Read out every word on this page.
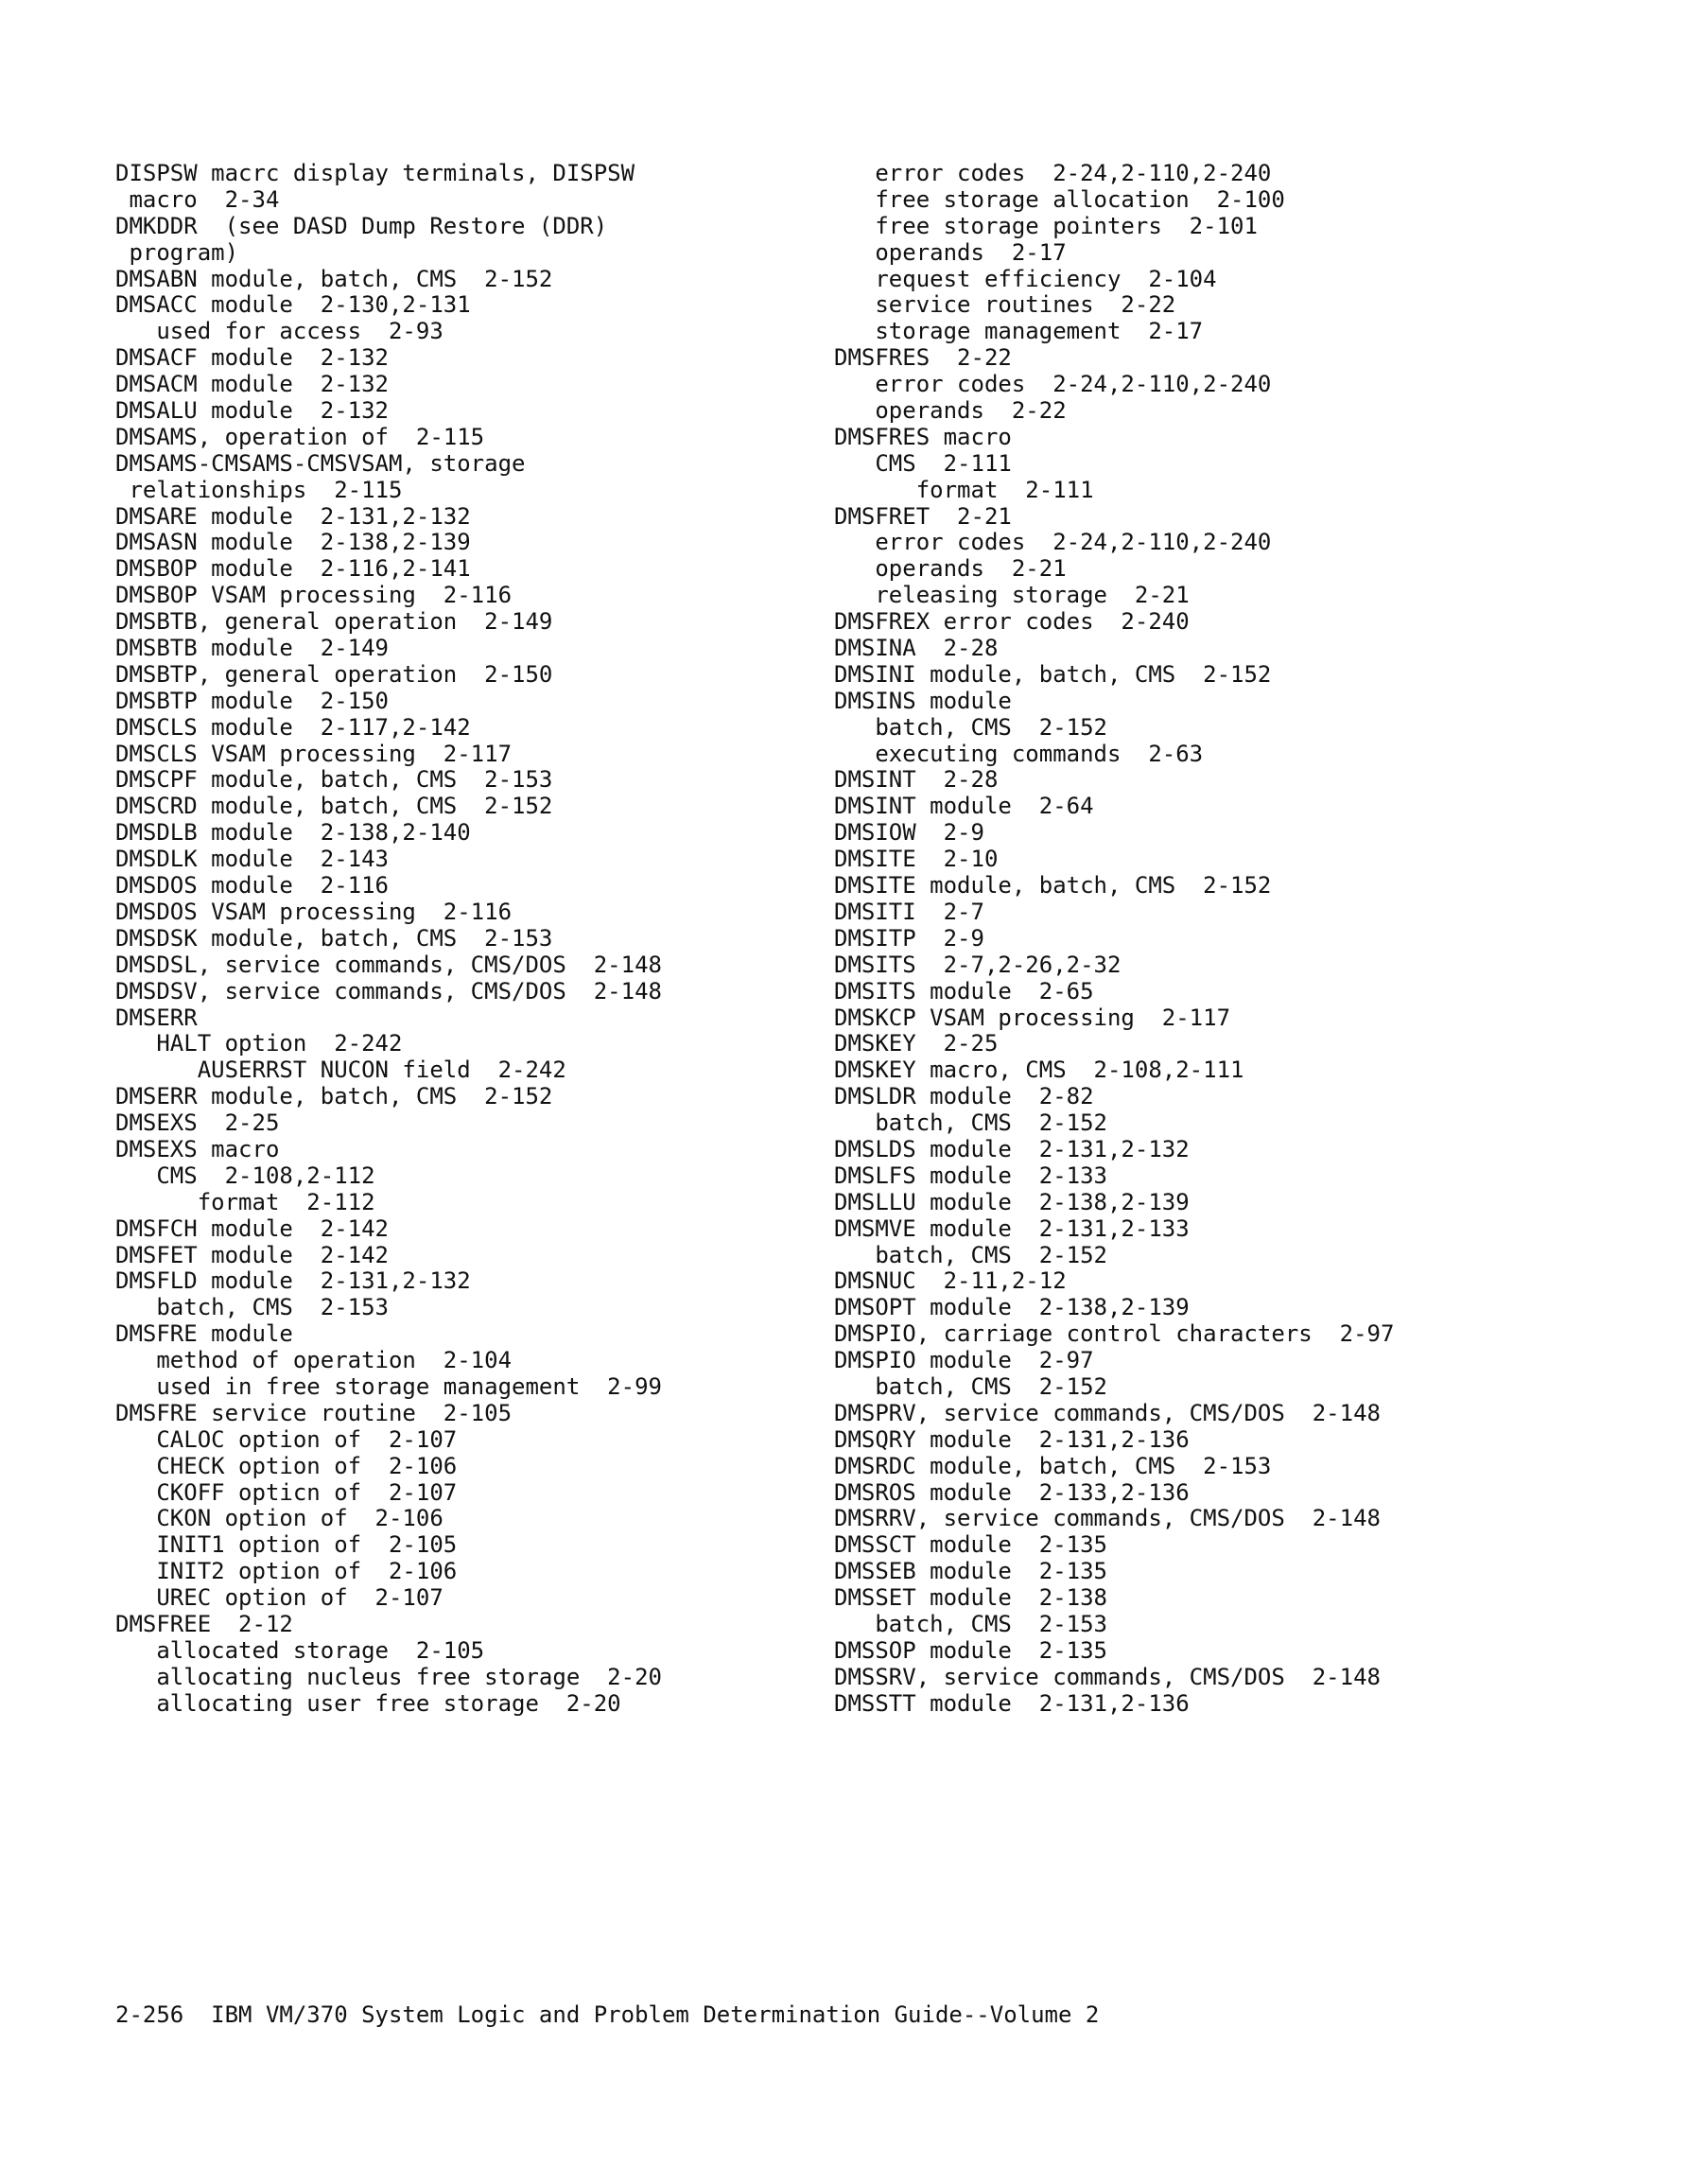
DISPSW macrc display terminals, DISPSW
macro  2-34
DMKDDR  (see DASD Dump Restore (DDR)
program)
DMSABN module, batch, CMS  2-152
DMSACC module  2-130,2-131
used for access  2-93
DMSACF module  2-132
DMSACM module  2-132
DMSALU module  2-132
DMSAMS, operation of  2-115
DMSAMS-CMSAMS-CMSVSAM, storage
relationships  2-115
DMSARE module  2-131,2-132
DMSASN module  2-138,2-139
DMSBOP module  2-116,2-141
DMSBOP VSAM processing  2-116
DMSBTB, general operation  2-149
DMSBTB module  2-149
DMSBTP, general operation  2-150
DMSBTP module  2-150
DMSCLS module  2-117,2-142
DMSCLS VSAM processing  2-117
DMSCPF module, batch, CMS  2-153
DMSCRD module, batch, CMS  2-152
DMSDLB module  2-138,2-140
DMSDLK module  2-143
DMSDOS module  2-116
DMSDOS VSAM processing  2-116
DMSDSK module, batch, CMS  2-153
DMSDSL, service commands, CMS/DOS  2-148
DMSDSV, service commands, CMS/DOS  2-148
DMSERR
HALT option  2-242
AUSERRST NUCON field  2-242
DMSERR module, batch, CMS  2-152
DMSEXS  2-25
DMSEXS macro
CMS  2-108,2-112
format  2-112
DMSFCH module  2-142
DMSFET module  2-142
DMSFLD module  2-131,2-132
batch, CMS  2-153
DMSFRE module
method of operation  2-104
used in free storage management  2-99
DMSFRE service routine  2-105
CALOC option of  2-107
CHECK option of  2-106
CKOFF opticn of  2-107
CKON option of  2-106
INIT1 option of  2-105
INIT2 option of  2-106
UREC option of  2-107
DMSFREE  2-12
allocated storage  2-105
allocating nucleus free storage  2-20
allocating user free storage  2-20
error codes  2-24,2-110,2-240
free storage allocation  2-100
free storage pointers  2-101
operands  2-17
request efficiency  2-104
service routines  2-22
storage management  2-17
DMSFRES  2-22
error codes  2-24,2-110,2-240
operands  2-22
DMSFRES macro
CMS  2-111
format  2-111
DMSFRET  2-21
error codes  2-24,2-110,2-240
operands  2-21
releasing storage  2-21
DMSFREX error codes  2-240
DMSINA  2-28
DMSINI module, batch, CMS  2-152
DMSINS module
batch, CMS  2-152
executing commands  2-63
DMSINT  2-28
DMSINT module  2-64
DMSIOW  2-9
DMSITE  2-10
DMSITE module, batch, CMS  2-152
DMSITI  2-7
DMSITP  2-9
DMSITS  2-7,2-26,2-32
DMSITS module  2-65
DMSKCP VSAM processing  2-117
DMSKEY  2-25
DMSKEY macro, CMS  2-108,2-111
DMSLDR module  2-82
batch, CMS  2-152
DMSLDS module  2-131,2-132
DMSLFS module  2-133
DMSLLU module  2-138,2-139
DMSMVE module  2-131,2-133
batch, CMS  2-152
DMSNUC  2-11,2-12
DMSOPT module  2-138,2-139
DMSPIO, carriage control characters  2-97
DMSPIO module  2-97
batch, CMS  2-152
DMSPRV, service commands, CMS/DOS  2-148
DMSQRY module  2-131,2-136
DMSRDC module, batch, CMS  2-153
DMSROS module  2-133,2-136
DMSRRV, service commands, CMS/DOS  2-148
DMSSCT module  2-135
DMSSEB module  2-135
DMSSET module  2-138
batch, CMS  2-153
DMSSOP module  2-135
DMSSRV, service commands, CMS/DOS  2-148
DMSSTT module  2-131,2-136
2-256  IBM VM/370 System Logic and Problem Determination Guide--Volume 2
